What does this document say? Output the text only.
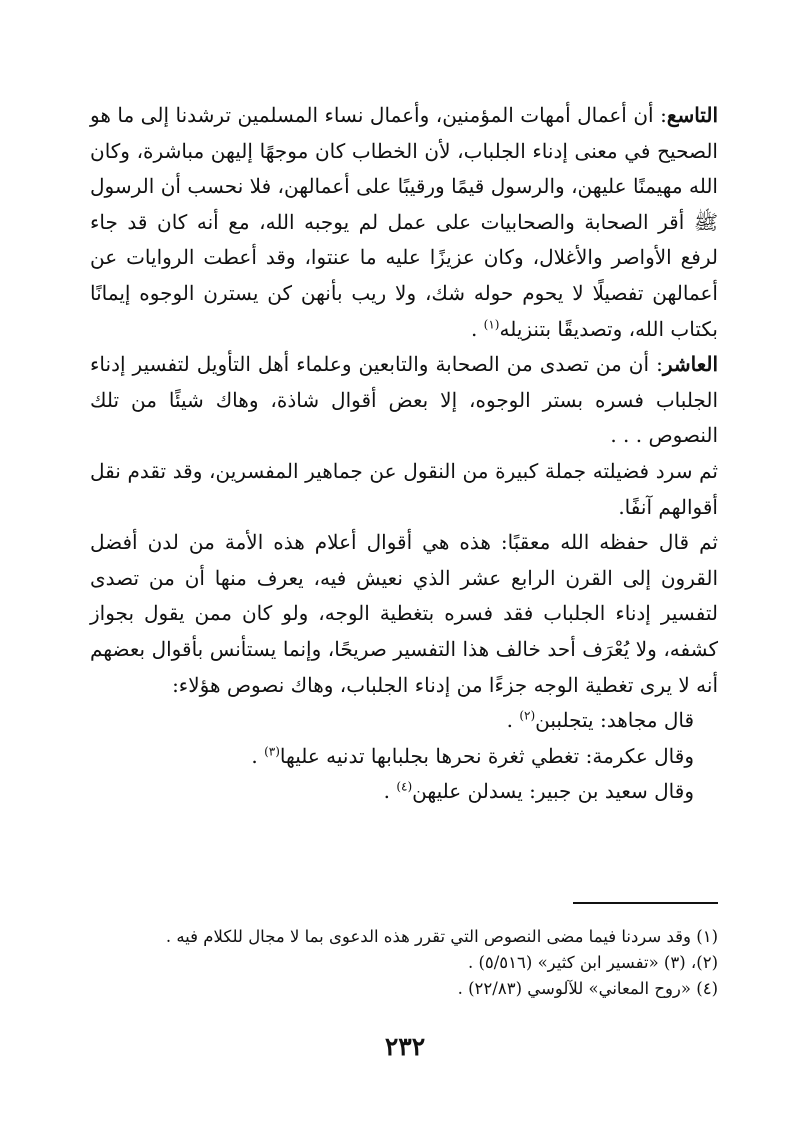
التاسع: أن أعمال أمهات المؤمنين، وأعمال نساء المسلمين ترشدنا إلى ما هو الصحيح في معنى إدناء الجلباب، لأن الخطاب كان موجهًا إليهن مباشرة، وكان الله مهيمنًا عليهن، والرسول قيمًا ورقيبًا على أعمالهن، فلا نحسب أن الرسول ﷺ أقر الصحابة والصحابيات على عمل لم يوجبه الله، مع أنه كان قد جاء لرفع الأواصر والأغلال، وكان عزيزًا عليه ما عنتوا، وقد أعطت الروايات عن أعمالهن تفصيلًا لا يحوم حوله شك، ولا ريب بأنهن كن يسترن الوجوه إيمانًا بكتاب الله، وتصديقًا بتنزيله$^{(١)}$ .

العاشر: أن من تصدى من الصحابة والتابعين وعلماء أهل التأويل لتفسير إدناء الجلباب فسره بستر الوجوه، إلا بعض أقوال شاذة، وهاك شيئًا من تلك النصوص . . .

ثم سرد فضيلته جملة كبيرة من النقول عن جماهير المفسرين، وقد تقدم نقل أقوالهم آنفًا.

ثم قال حفظه الله معقبًا: هذه هي أقوال أعلام هذه الأمة من لدن أفضل القرون إلى القرن الرابع عشر الذي نعيش فيه، يعرف منها أن من تصدى لتفسير إدناء الجلباب فقد فسره بتغطية الوجه، ولو كان ممن يقول بجواز كشفه، ولا يُعْرَف أحد خالف هذا التفسير صريحًا، وإنما يستأنس بأقوال بعضهم أنه لا يرى تغطية الوجه جزءًا من إدناء الجلباب، وهاك نصوص هؤلاء:

قال مجاهد: يتجلببن$^{(٢)}$ .

وقال عكرمة: تغطي ثغرة نحرها بجلبابها تدنيه عليها$^{(٣)}$ .

وقال سعيد بن جبير: يسدلن عليهن$^{(٤)}$ .

(١) وقد سردنا فيما مضى النصوص التي تقرر هذه الدعوى بما لا مجال للكلام فيه .

(٢)، (٣) «تفسير ابن كثير» (٥/٥١٦) .

(٤) «روح المعاني» للآلوسي (٢٢/٨٣) .

٢٣٢
